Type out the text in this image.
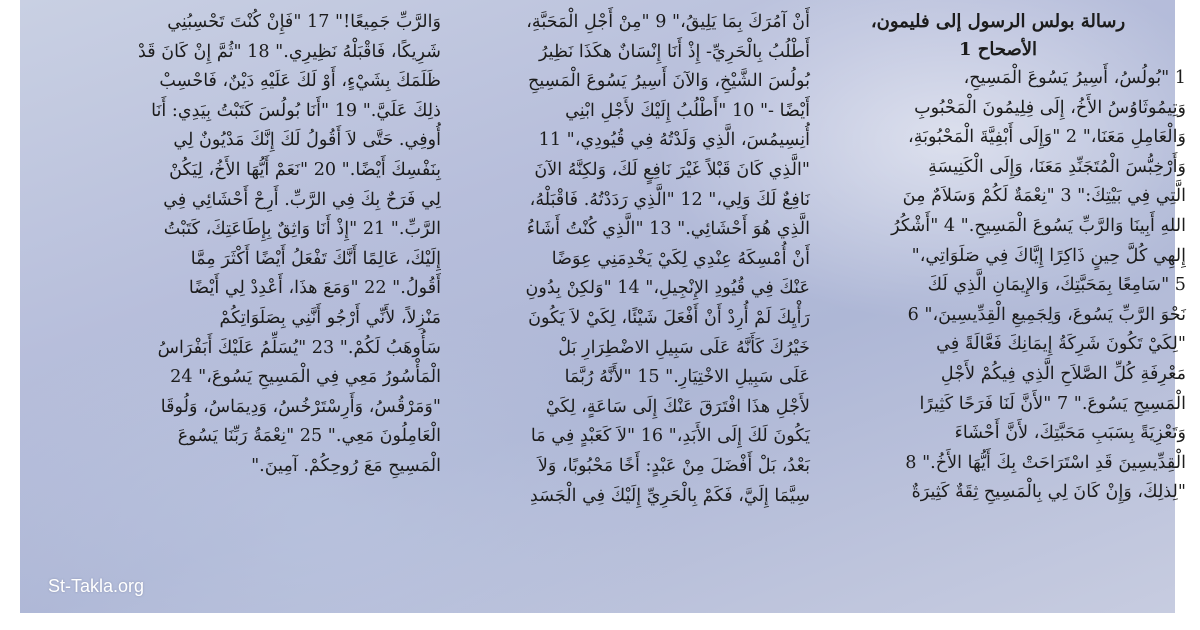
رسالة بولس الرسول إلى فليمون،
الأصحاح 1
1 "بُولُسُ، أَسِيرُ يَسُوعَ الْمَسِيحِ،
وَتِيمُوثَاوُسُ الأَخُ، إِلَى فِلِيمُونَ الْمَحْبُوبِ
وَالْعَامِلِ مَعَنَا،" 2 "وَإِلَى أَبْفِيَّةَ الْمَحْبُوبَةِ،
وَأَرْخِبُّسَ الْمُتَجَنِّدِ مَعَنَا، وَإِلَى الْكَنِيسَةِ
الَّتِي فِي بَيْتِكَ:" 3 "نِعْمَةٌ لَكُمْ وَسَلاَمٌ مِنَ
اللهِ أَبِينَا وَالرَّبِّ يَسُوعَ الْمَسِيحِ." 4 "أَشْكُرُ
إِلهِي كُلَّ حِينٍ ذَاكِرًا إِيَّاكَ فِي صَلَوَاتِي،"
5 "سَامِعًا بِمَحَبَّتِكَ، وَالإِيمَانِ الَّذِي لَكَ
نَحْوَ الرَّبِّ يَسُوعَ، وَلِجَمِيعِ الْقِدِّيسِينَ،" 6
"لِكَيْ تَكُونَ شَرِكَةُ إِيمَانِكَ فَعَّالَةً فِي
مَعْرِفَةِ كُلِّ الصَّلاَحِ الَّذِي فِيكُمْ لأَجْلِ
الْمَسِيحِ يَسُوعَ." 7 "لأَنَّ لَنَا فَرَحًا كَثِيرًا
وَتَعْزِيَةً بِسَبَبِ مَحَبَّتِكَ، لأَنَّ أَحْشَاءَ
الْقِدِّيسِينَ قَدِ اسْتَرَاحَتْ بِكَ أَيُّهَا الأَخُ." 8
"لِذلِكَ، وَإِنْ كَانَ لِي بِالْمَسِيحِ ثِقَةٌ كَثِيرَةٌ
أَنْ آمُرَكَ بِمَا يَلِيقُ،" 9 "مِنْ أَجْلِ الْمَحَبَّةِ،
أَطْلُبُ بِالْحَرِيِّ- إِذْ أَنَا إِنْسَانٌ هكَذَا نَظِيرُ
بُولُسَ الشَّيْخِ، وَالآنَ أَسِيرُ يَسُوعَ الْمَسِيحِ
أَيْضًا -" 10 "أَطْلُبُ إِلَيْكَ لأَجْلِ ابْنِي
أُنِسِيمُسَ، الَّذِي وَلَدْتُهُ فِي قُيُودِي،" 11
"الَّذِي كَانَ قَبْلاً غَيْرَ نَافِعٍ لَكَ، وَلكِنَّهُ الآنَ
نَافِعٌ لَكَ وَلِي،" 12 "الَّذِي رَدَدْتُهُ. فَاقْبَلْهُ،
الَّذِي هُوَ أَحْشَائِي." 13 "الَّذِي كُنْتُ أَشَاءُ
أَنْ أُمْسِكَهُ عِنْدِي لِكَيْ يَخْدِمَنِي عِوَضًا
عَنْكَ فِي قُيُودِ الإِنْجِيلِ،" 14 "وَلكِنْ بِدُونِ
رَأْيِكَ لَمْ أُرِدْ أَنْ أَفْعَلَ شَيْئًا، لِكَيْ لاَ يَكُونَ
خَيْرُكَ كَأَنَّهُ عَلَى سَبِيلِ الاضْطِرَارِ بَلْ
عَلَى سَبِيلِ الاخْتِيَارِ." 15 "لأَنَّهُ رُبَّمَا
لأَجْلِ هذَا افْتَرَقَ عَنْكَ إِلَى سَاعَةٍ، لِكَيْ
يَكُونَ لَكَ إِلَى الأَبَدِ،" 16 "لاَ كَعَبْدٍ فِي مَا
بَعْدُ، بَلْ أَفْضَلَ مِنْ عَبْدٍ: أَخًا مَحْبُوبًا، وَلاَ
سِيَّمَا إِلَيَّ، فَكَمْ بِالْحَرِيِّ إِلَيْكَ فِي الْجَسَدِ
وَالرَّبِّ جَمِيعًا!" 17 "فَإِنْ كُنْتَ تَحْسِبُنِي
شَرِيكًا، فَاقْبَلْهُ نَظِيرِي." 18 "ثُمَّ إِنْ كَانَ قَدْ
ظَلَمَكَ بِشَيْءٍ، أَوْ لَكَ عَلَيْهِ دَيْنٌ، فَاحْسِبْ
ذلِكَ عَلَيَّ." 19 "أَنَا بُولُسَ كَتَبْتُ بِيَدِي: أَنَا
أُوفِي. حَتَّى لاَ أَقُولُ لَكَ إِنَّكَ مَدْيُونٌ لِي
بِنَفْسِكَ أَيْضًا." 20 "نَعَمْ أَيُّهَا الأَخُ، لِيَكُنْ
لِي فَرَحٌ بِكَ فِي الرَّبِّ. أَرِحْ أَحْشَائِي فِي
الرَّبِّ." 21 "إِذْ أَنَا وَاثِقٌ بِإِطَاعَتِكَ، كَتَبْتُ
إِلَيْكَ، عَالِمًا أَنَّكَ تَفْعَلُ أَيْضًا أَكْثَرَ مِمَّا
أَقُولُ." 22 "وَمَعَ هذَا، أَعْدِدْ لِي أَيْضًا
مَنْزِلاً، لأَنِّي أَرْجُو أَنَّنِي بِصَلَوَاتِكُمْ
سَأُوهَبُ لَكُمْ." 23 "يُسَلِّمُ عَلَيْكَ أَبَفْرَاسُ
الْمَأْسُورُ مَعِي فِي الْمَسِيحِ يَسُوعَ،" 24
"وَمَرْقُسُ، وَأَرِسْتَرْخُسُ، وَدِيمَاسُ، وَلُوقَا
الْعَامِلُونَ مَعِي." 25 "نِعْمَةُ رَبِّنَا يَسُوعَ
الْمَسِيحِ مَعَ رُوحِكُمْ. آمِينَ."
St-Takla.org
